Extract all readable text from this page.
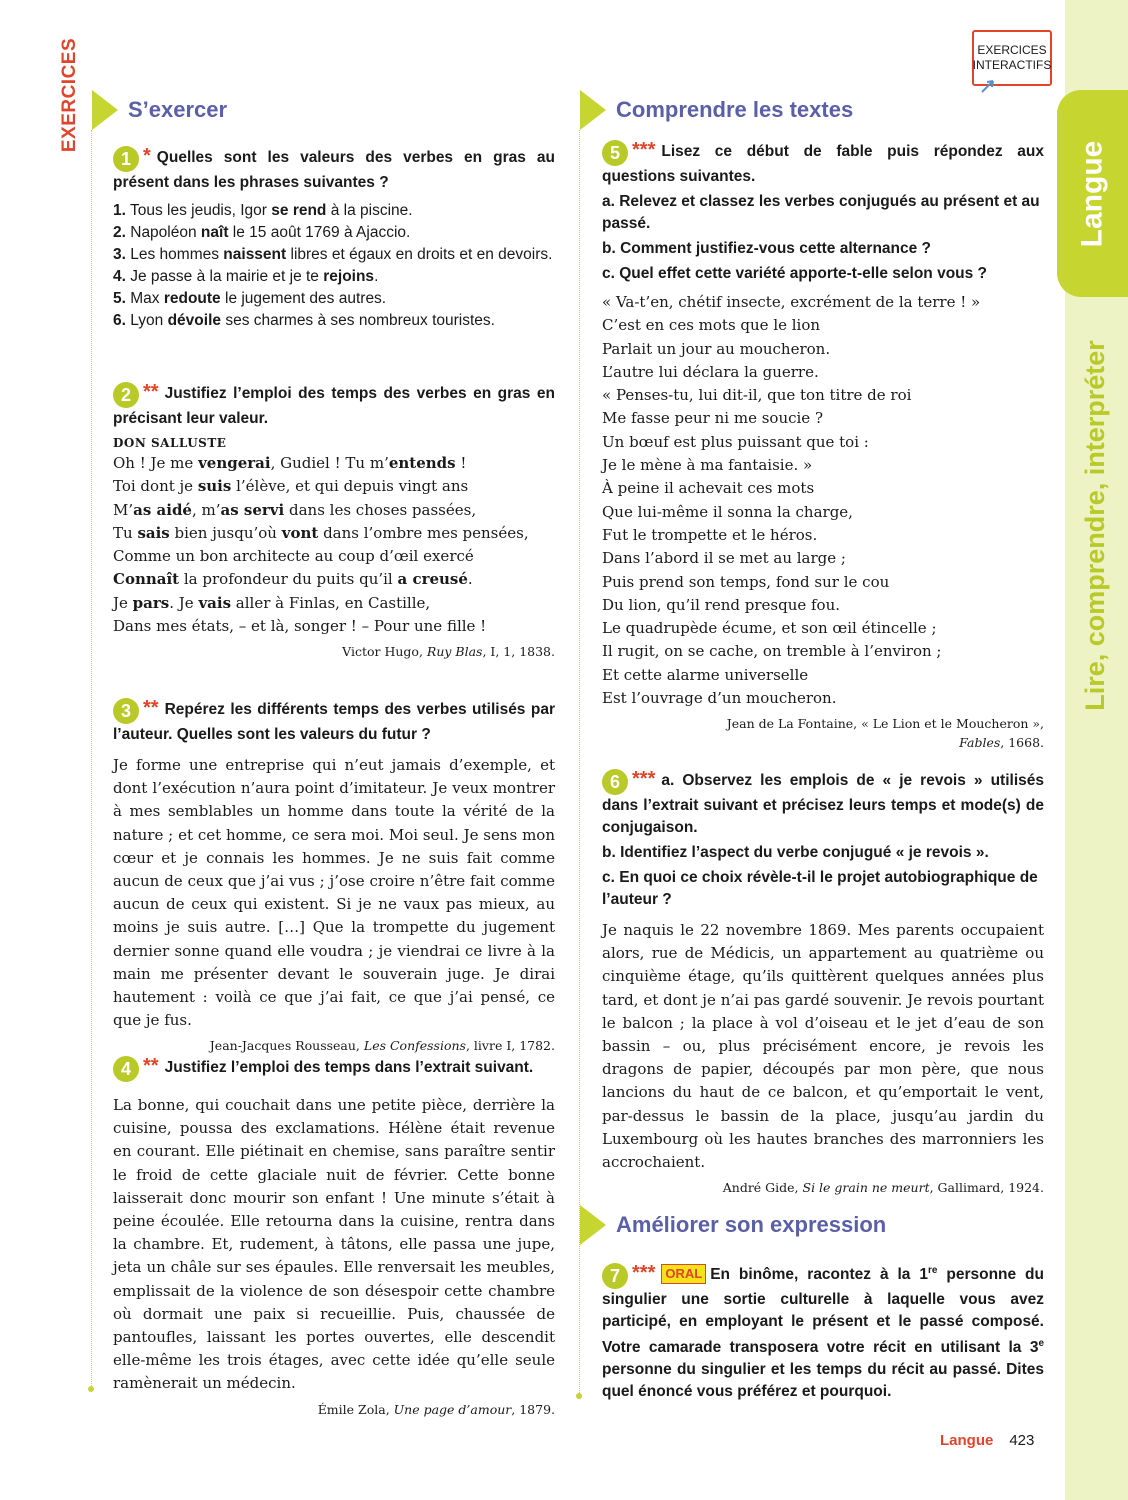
Langue
Lire, comprendre, interpréter
EXERCICES	EXERCICES
INTERACTIFS
S’exercer
1 * Quelles sont les valeurs des verbes en gras au présent dans les phrases suivantes ?
1. Tous les jeudis, Igor se rend à la piscine.
2. Napoléon naît le 15 août 1769 à Ajaccio.
3. Les hommes naissent libres et égaux en droits et en devoirs.
4. Je passe à la mairie et je te rejoins.
5. Max redoute le jugement des autres.
6. Lyon dévoile ses charmes à ses nombreux touristes.
2 ** Justifiez l’emploi des temps des verbes en gras en précisant leur valeur.
DON SALLUSTE
Oh ! Je me vengerai, Gudiel ! Tu m’entends !
Toi dont je suis l’élève, et qui depuis vingt ans
M’as aidé, m’as servi dans les choses passées,
Tu sais bien jusqu’où vont dans l’ombre mes pensées,
Comme un bon architecte au coup d’œil exercé
Connaît la profondeur du puits qu’il a creusé.
Je pars. Je vais aller à Finlas, en Castille,
Dans mes états, – et là, songer ! – Pour une fille !
Victor Hugo, Ruy Blas, I, 1, 1838.
3 ** Repérez les différents temps des verbes utilisés par l’auteur. Quelles sont les valeurs du futur ?
Je forme une entreprise qui n’eut jamais d’exemple, et dont l’exécution n’aura point d’imitateur. Je veux montrer à mes semblables un homme dans toute la vérité de la nature ; et cet homme, ce sera moi. Moi seul. Je sens mon cœur et je connais les hommes. Je ne suis fait comme aucun de ceux que j’ai vus ; j’ose croire n’être fait comme aucun de ceux qui existent. Si je ne vaux pas mieux, au moins je suis autre. […] Que la trompette du jugement dernier sonne quand elle voudra ; je viendrai ce livre à la main me présenter devant le souverain juge. Je dirai hautement : voilà ce que j’ai fait, ce que j’ai pensé, ce que je fus.
Jean-Jacques Rousseau, Les Confessions, livre I, 1782.
4 ** Justifiez l’emploi des temps dans l’extrait suivant.
La bonne, qui couchait dans une petite pièce, derrière la cuisine, poussa des exclamations. Hélène était revenue en courant. Elle piétinait en chemise, sans paraître sentir le froid de cette glaciale nuit de février. Cette bonne laisserait donc mourir son enfant ! Une minute s’était à peine écoulée. Elle retourna dans la cuisine, rentra dans la chambre. Et, rudement, à tâtons, elle passa une jupe, jeta un châle sur ses épaules. Elle renversait les meubles, emplissait de la violence de son désespoir cette chambre où dormait une paix si recueillie. Puis, chaussée de pantoufles, laissant les portes ouvertes, elle descendit elle-même les trois étages, avec cette idée qu’elle seule ramènerait un médecin.
Émile Zola, Une page d’amour, 1879.
Comprendre les textes
5 *** Lisez ce début de fable puis répondez aux questions suivantes.
a. Relevez et classez les verbes conjugués au présent et au passé.
b. Comment justifiez-vous cette alternance ?
c. Quel effet cette variété apporte-t-elle selon vous ?
« Va-t’en, chétif insecte, excrément de la terre ! »
C’est en ces mots que le lion
Parlait un jour au moucheron.
L’autre lui déclara la guerre.
« Penses-tu, lui dit-il, que ton titre de roi
Me fasse peur ni me soucie ?
Un bœuf est plus puissant que toi :
Je le mène à ma fantaisie. »
À peine il achevait ces mots
Que lui-même il sonna la charge,
Fut le trompette et le héros.
Dans l’abord il se met au large ;
Puis prend son temps, fond sur le cou
Du lion, qu’il rend presque fou.
Le quadrupède écume, et son œil étincelle ;
Il rugit, on se cache, on tremble à l’environ ;
Et cette alarme universelle
Est l’ouvrage d’un moucheron.
Jean de La Fontaine, « Le Lion et le Moucheron »,
Fables, 1668.
6 *** a. Observez les emplois de « je revois » utilisés dans l’extrait suivant et précisez leurs temps et mode(s) de conjugaison.
b. Identifiez l’aspect du verbe conjugué « je revois ».
c. En quoi ce choix révèle-t-il le projet autobiographique de l’auteur ?
Je naquis le 22 novembre 1869. Mes parents occupaient alors, rue de Médicis, un appartement au quatrième ou cinquième étage, qu’ils quittèrent quelques années plus tard, et dont je n’ai pas gardé souvenir. Je revois pourtant le balcon ; la place à vol d’oiseau et le jet d’eau de son bassin – ou, plus précisément encore, je revois les dragons de papier, découpés par mon père, que nous lancions du haut de ce balcon, et qu’emportait le vent, par-dessus le bassin de la place, jusqu’au jardin du Luxembourg où les hautes branches des marronniers les accrochaient.
André Gide, Si le grain ne meurt, Gallimard, 1924.
Améliorer son expression
7 *** ORAL En binôme, racontez à la 1re personne du singulier une sortie culturelle à laquelle vous avez participé, en employant le présent et le passé composé. Votre camarade transposera votre récit en utilisant la 3e personne du singulier et les temps du récit au passé. Dites quel énoncé vous préférez et pourquoi.
Langue 423
